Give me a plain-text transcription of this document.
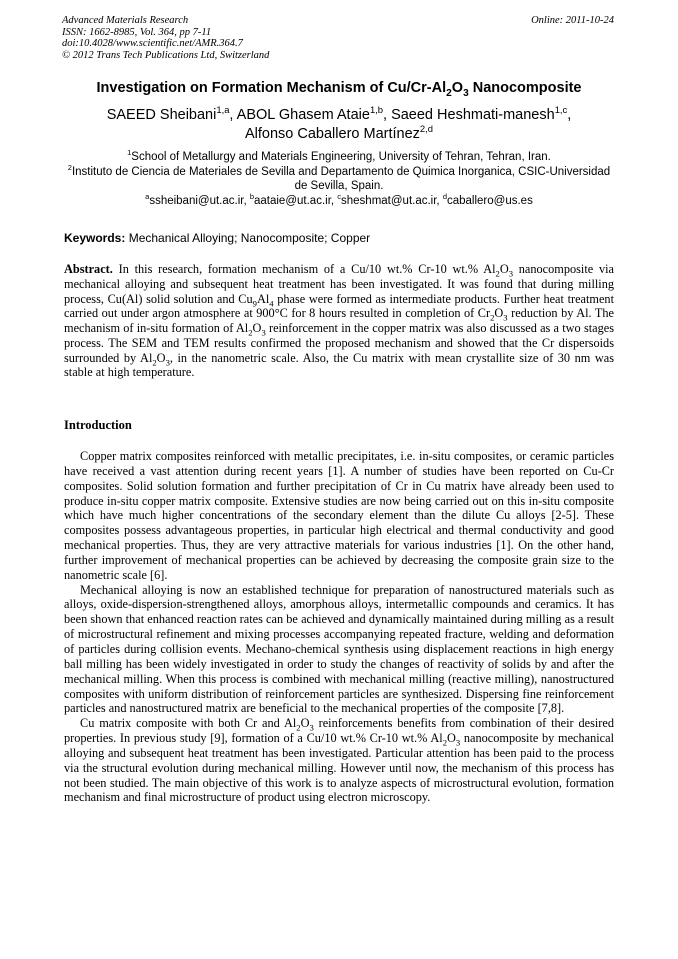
Advanced Materials Research
ISSN: 1662-8985, Vol. 364, pp 7-11
doi:10.4028/www.scientific.net/AMR.364.7
© 2012 Trans Tech Publications Ltd, Switzerland
Online: 2011-10-24
Investigation on Formation Mechanism of $Cu/Cr-Al_2O_3$ Nanocomposite
SAEED Sheibani$^{1,a}$, ABOL Ghasem Ataie$^{1,b}$, Saeed Heshmati-manesh$^{1,c}$,
Alfonso Caballero Martínez$^{2,d}$
$^1$School of Metallurgy and Materials Engineering, University of Tehran, Tehran, Iran.
$^2$Instituto de Ciencia de Materiales de Sevilla and Departamento de Quimica Inorganica, CSIC-Universidad de Sevilla, Spain.
$^a$ssheibani@ut.ac.ir, $^b$aataie@ut.ac.ir, $^c$sheshmat@ut.ac.ir, $^d$caballero@us.es
Keywords: Mechanical Alloying; Nanocomposite; Copper
Abstract. In this research, formation mechanism of a Cu/10 wt.% Cr-10 wt.% $Al_2O_3$ nanocomposite via mechanical alloying and subsequent heat treatment has been investigated. It was found that during milling process, Cu(Al) solid solution and $Cu_9Al_4$ phase were formed as intermediate products. Further heat treatment carried out under argon atmosphere at 900°C for 8 hours resulted in completion of $Cr_2O_3$ reduction by Al. The mechanism of in-situ formation of $Al_2O_3$ reinforcement in the copper matrix was also discussed as a two stages process. The SEM and TEM results confirmed the proposed mechanism and showed that the Cr dispersoids surrounded by $Al_2O_3$, in the nanometric scale. Also, the Cu matrix with mean crystallite size of 30 nm was stable at high temperature.
Introduction

Copper matrix composites reinforced with metallic precipitates, i.e. in-situ composites, or ceramic particles have received a vast attention during recent years [1]. A number of studies have been reported on Cu-Cr composites. Solid solution formation and further precipitation of Cr in Cu matrix have already been used to produce in-situ copper matrix composite. Extensive studies are now being carried out on this in-situ composite which have much higher concentrations of the secondary element than the dilute Cu alloys [2-5]. These composites possess advantageous properties, in particular high electrical and thermal conductivity and good mechanical properties. Thus, they are very attractive materials for various industries [1]. On the other hand, further improvement of mechanical properties can be achieved by decreasing the composite grain size to the nanometric scale [6].

Mechanical alloying is now an established technique for preparation of nanostructured materials such as alloys, oxide-dispersion-strengthened alloys, amorphous alloys, intermetallic compounds and ceramics. It has been shown that enhanced reaction rates can be achieved and dynamically maintained during milling as a result of microstructural refinement and mixing processes accompanying repeated fracture, welding and deformation of particles during collision events. Mechano-chemical synthesis using displacement reactions in high energy ball milling has been widely investigated in order to study the changes of reactivity of solids by and after the mechanical milling. When this process is combined with mechanical milling (reactive milling), nanostructured composites with uniform distribution of reinforcement particles are synthesized. Dispersing fine reinforcement particles and nanostructured matrix are beneficial to the mechanical properties of the composite [7,8].

Cu matrix composite with both Cr and $Al_2O_3$ reinforcements benefits from combination of their desired properties. In previous study [9], formation of a Cu/10 wt.% Cr-10 wt.% $Al_2O_3$ nanocomposite by mechanical alloying and subsequent heat treatment has been investigated. Particular attention has been paid to the process via the structural evolution during mechanical milling. However until now, the mechanism of this process has not been studied. The main objective of this work is to analyze aspects of microstructural evolution, formation mechanism and final microstructure of product using electron microscopy.
